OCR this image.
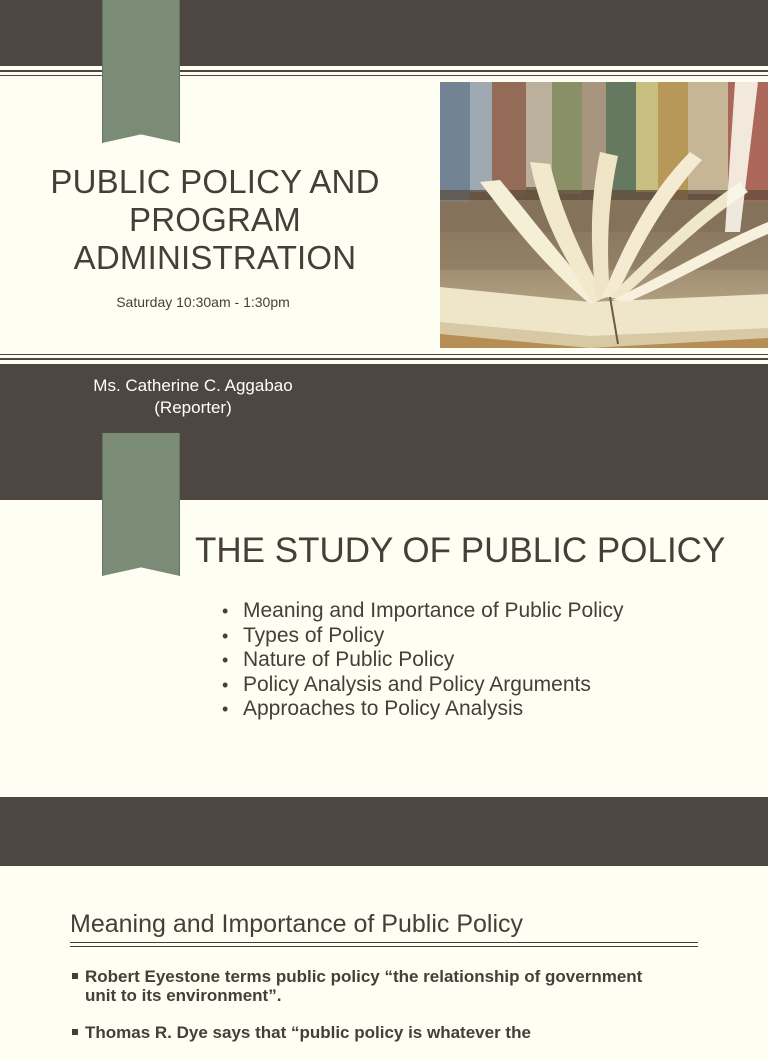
PUBLIC POLICY AND PROGRAM ADMINISTRATION
Saturday 10:30am - 1:30pm
Ms. Catherine C. Aggabao
(Reporter)
THE STUDY OF PUBLIC POLICY
• Meaning and Importance of Public Policy
• Types of Policy
• Nature of Public Policy
• Policy Analysis and Policy Arguments
• Approaches to Policy Analysis
Meaning and Importance of Public Policy
Robert Eyestone terms public policy “the relationship of government unit to its environment”.
Thomas R. Dye says that “public policy is whatever the
